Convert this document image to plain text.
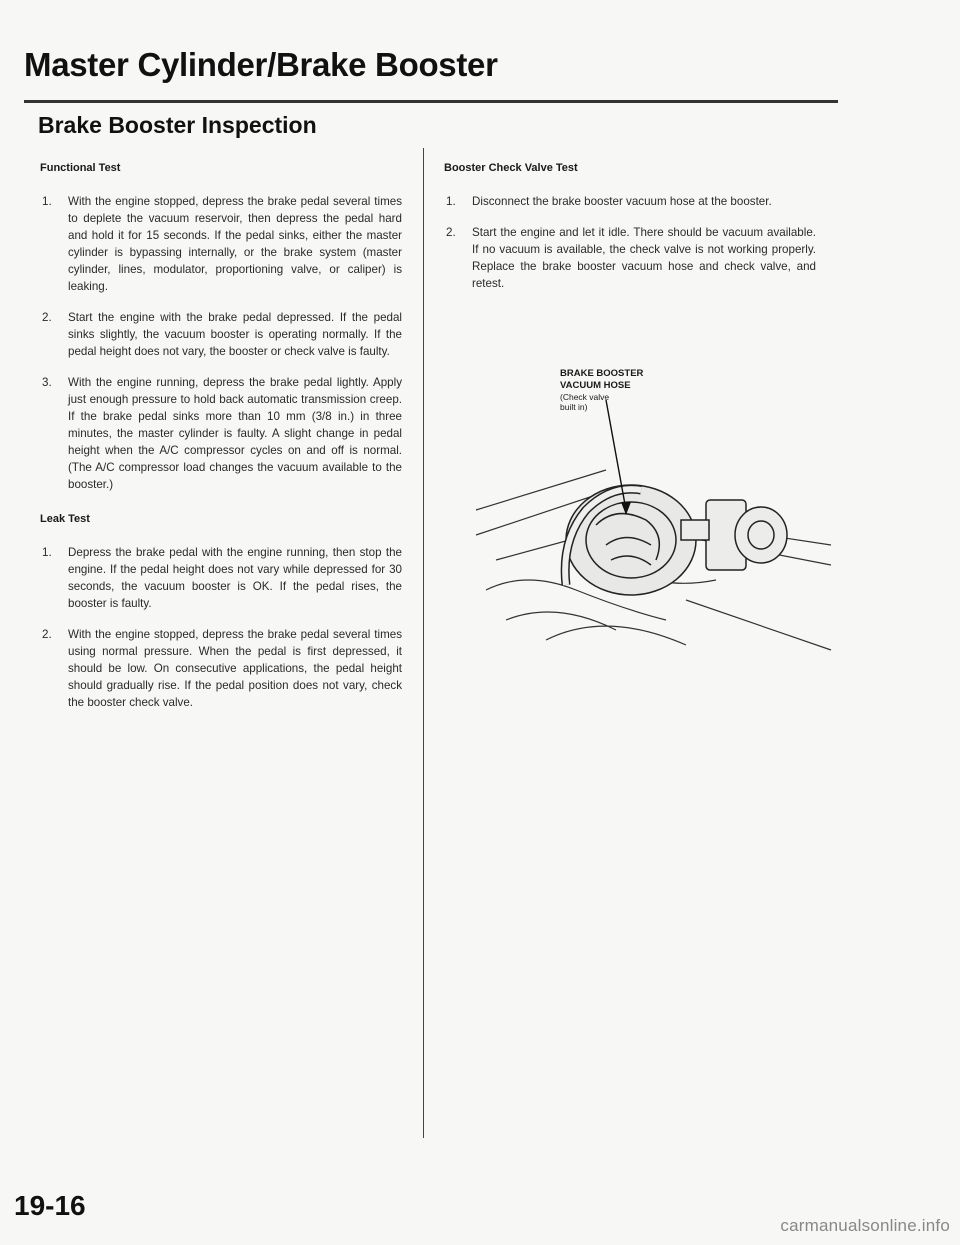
Master Cylinder/Brake Booster
Brake Booster Inspection
Functional Test
1.	With the engine stopped, depress the brake pedal several times to deplete the vacuum reservoir, then depress the pedal hard and hold it for 15 seconds. If the pedal sinks, either the master cylinder is bypassing internally, or the brake system (master cylinder, lines, modulator, proportioning valve, or caliper) is leaking.
2.	Start the engine with the brake pedal depressed. If the pedal sinks slightly, the vacuum booster is operating normally. If the pedal height does not vary, the booster or check valve is faulty.
3.	With the engine running, depress the brake pedal lightly. Apply just enough pressure to hold back automatic transmission creep. If the brake pedal sinks more than 10 mm (3/8 in.) in three minutes, the master cylinder is faulty. A slight change in pedal height when the A/C compressor cycles on and off is normal. (The A/C compressor load changes the vacuum available to the booster.)
Leak Test
1.	Depress the brake pedal with the engine running, then stop the engine. If the pedal height does not vary while depressed for 30 seconds, the vacuum booster is OK. If the pedal rises, the booster is faulty.
2.	With the engine stopped, depress the brake pedal several times using normal pressure. When the pedal is first depressed, it should be low. On consecutive applications, the pedal height should gradually rise. If the pedal position does not vary, check the booster check valve.
Booster Check Valve Test
1.	Disconnect the brake booster vacuum hose at the booster.
2.	Start the engine and let it idle. There should be vacuum available. If no vacuum is available, the check valve is not working properly. Replace the brake booster vacuum hose and check valve, and retest.
BRAKE BOOSTER
VACUUM HOSE
(Check valve
built in)
19-16
carmanualsonline.info
